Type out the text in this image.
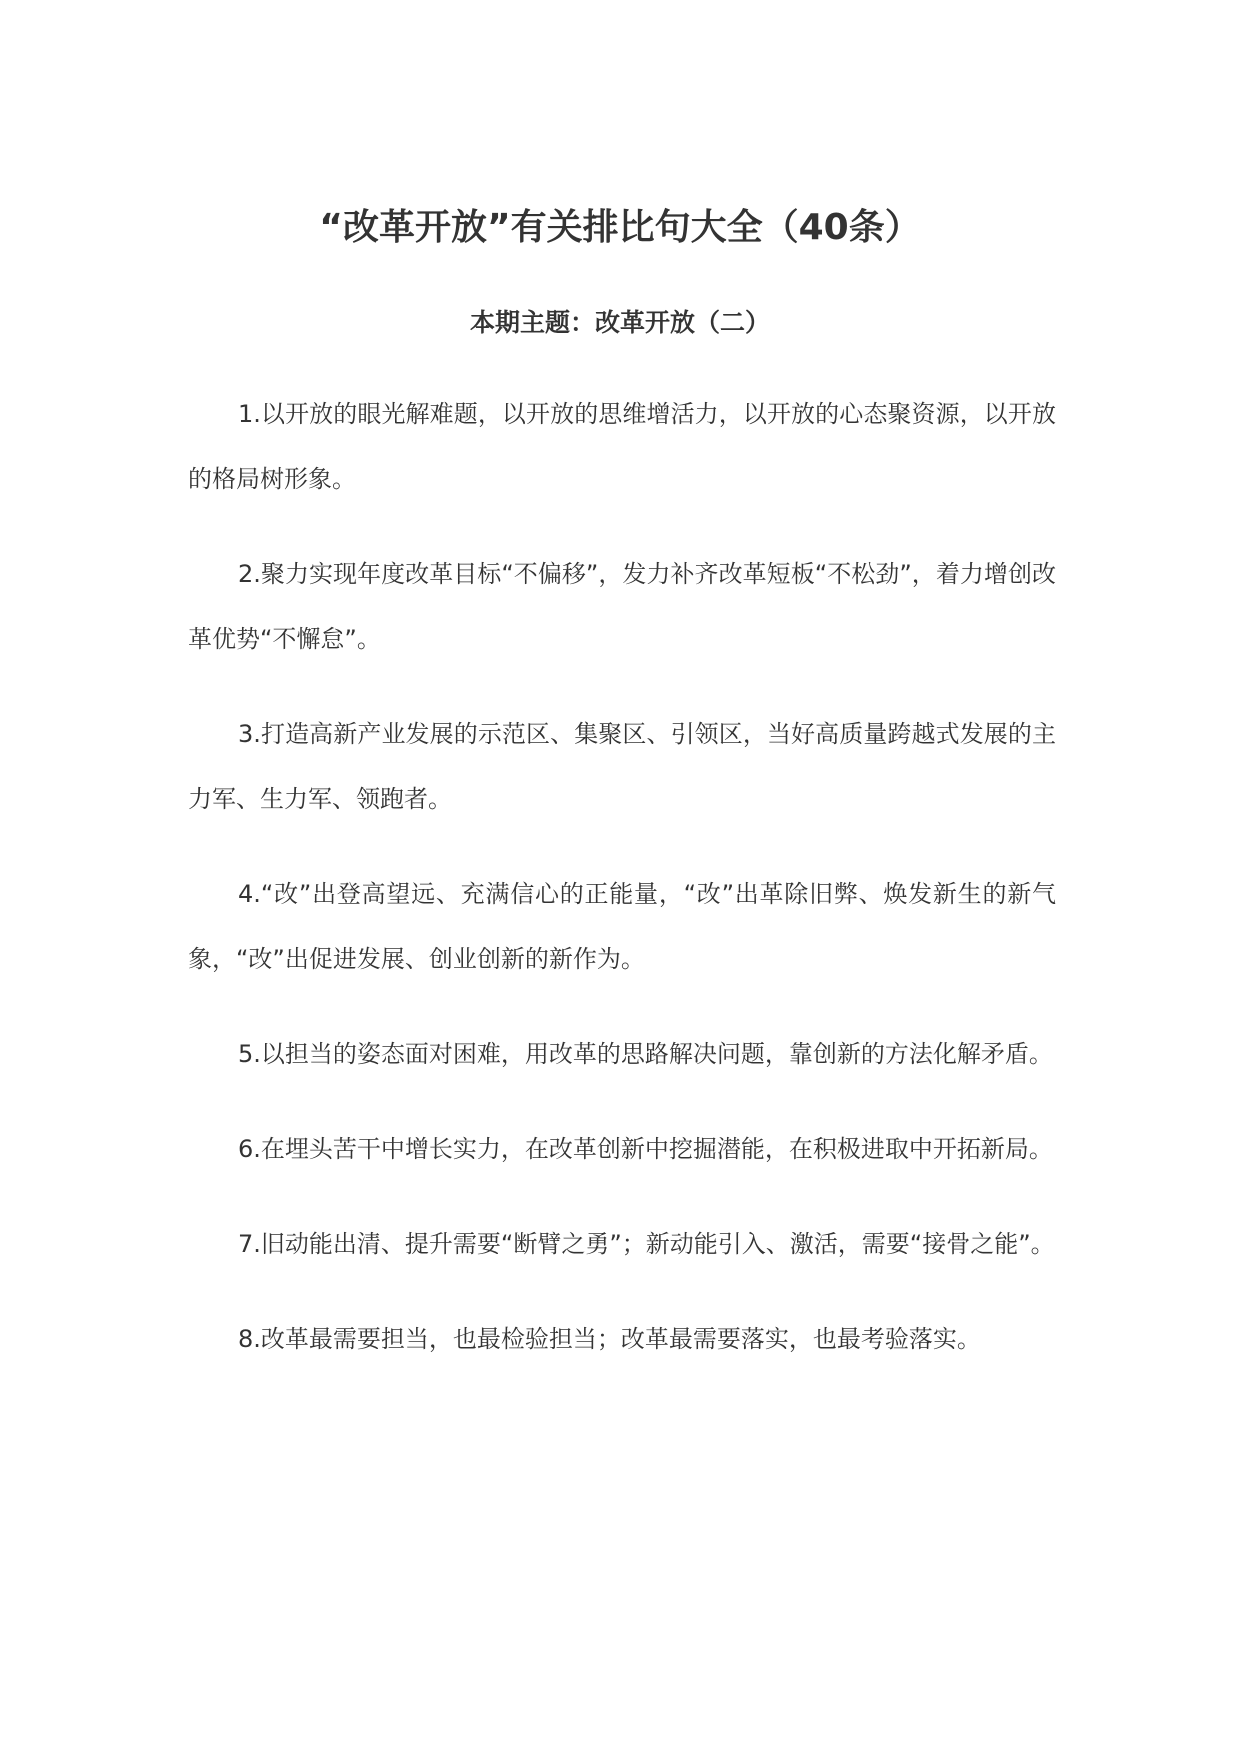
“改革开放”有关排比句大全（40条）
本期主题：改革开放（二）

1.以开放的眼光解难题，以开放的思维增活力，以开放的心态聚资源，以开放的格局树形象。

2.聚力实现年度改革目标“不偏移”，发力补齐改革短板“不松劲”，着力增创改革优势“不懈怠”。

3.打造高新产业发展的示范区、集聚区、引领区，当好高质量跨越式发展的主力军、生力军、领跑者。

4.“改”出登高望远、充满信心的正能量，“改”出革除旧弊、焕发新生的新气象，“改”出促进发展、创业创新的新作为。

5.以担当的姿态面对困难，用改革的思路解决问题，靠创新的方法化解矛盾。

6.在埋头苦干中增长实力，在改革创新中挖掘潜能，在积极进取中开拓新局。

7.旧动能出清、提升需要“断臂之勇”；新动能引入、激活，需要“接骨之能”。

8.改革最需要担当，也最检验担当；改革最需要落实，也最考验落实。
